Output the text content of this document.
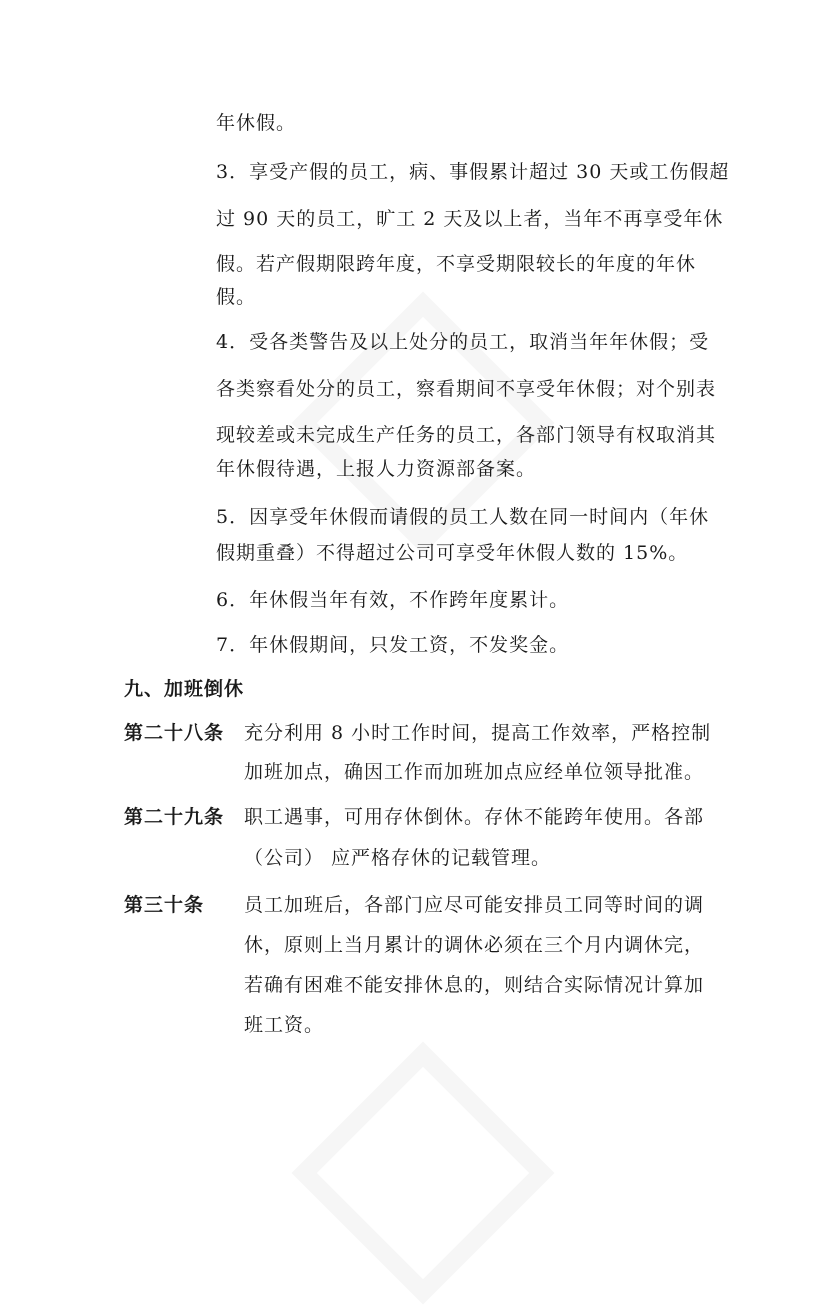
年休假。
3．享受产假的员工，病、事假累计超过 30 天或工伤假超
过 90 天的员工，旷工 2 天及以上者，当年不再享受年休
假。若产假期限跨年度，不享受期限较长的年度的年休
假。
4．受各类警告及以上处分的员工，取消当年年休假；受
各类察看处分的员工，察看期间不享受年休假；对个别表
现较差或未完成生产任务的员工，各部门领导有权取消其
年休假待遇，上报人力资源部备案。
5．因享受年休假而请假的员工人数在同一时间内（年休
假期重叠）不得超过公司可享受年休假人数的 15%。
6．年休假当年有效，不作跨年度累计。
7．年休假期间，只发工资，不发奖金。
九、加班倒休
第二十八条 充分利用 8 小时工作时间，提高工作效率，严格控制
加班加点，确因工作而加班加点应经单位领导批准。
第二十九条 职工遇事，可用存休倒休。存休不能跨年使用。各部
（公司） 应严格存休的记载管理。
第三十条 员工加班后，各部门应尽可能安排员工同等时间的调
休，原则上当月累计的调休必须在三个月内调休完，
若确有困难不能安排休息的，则结合实际情况计算加
班工资。
